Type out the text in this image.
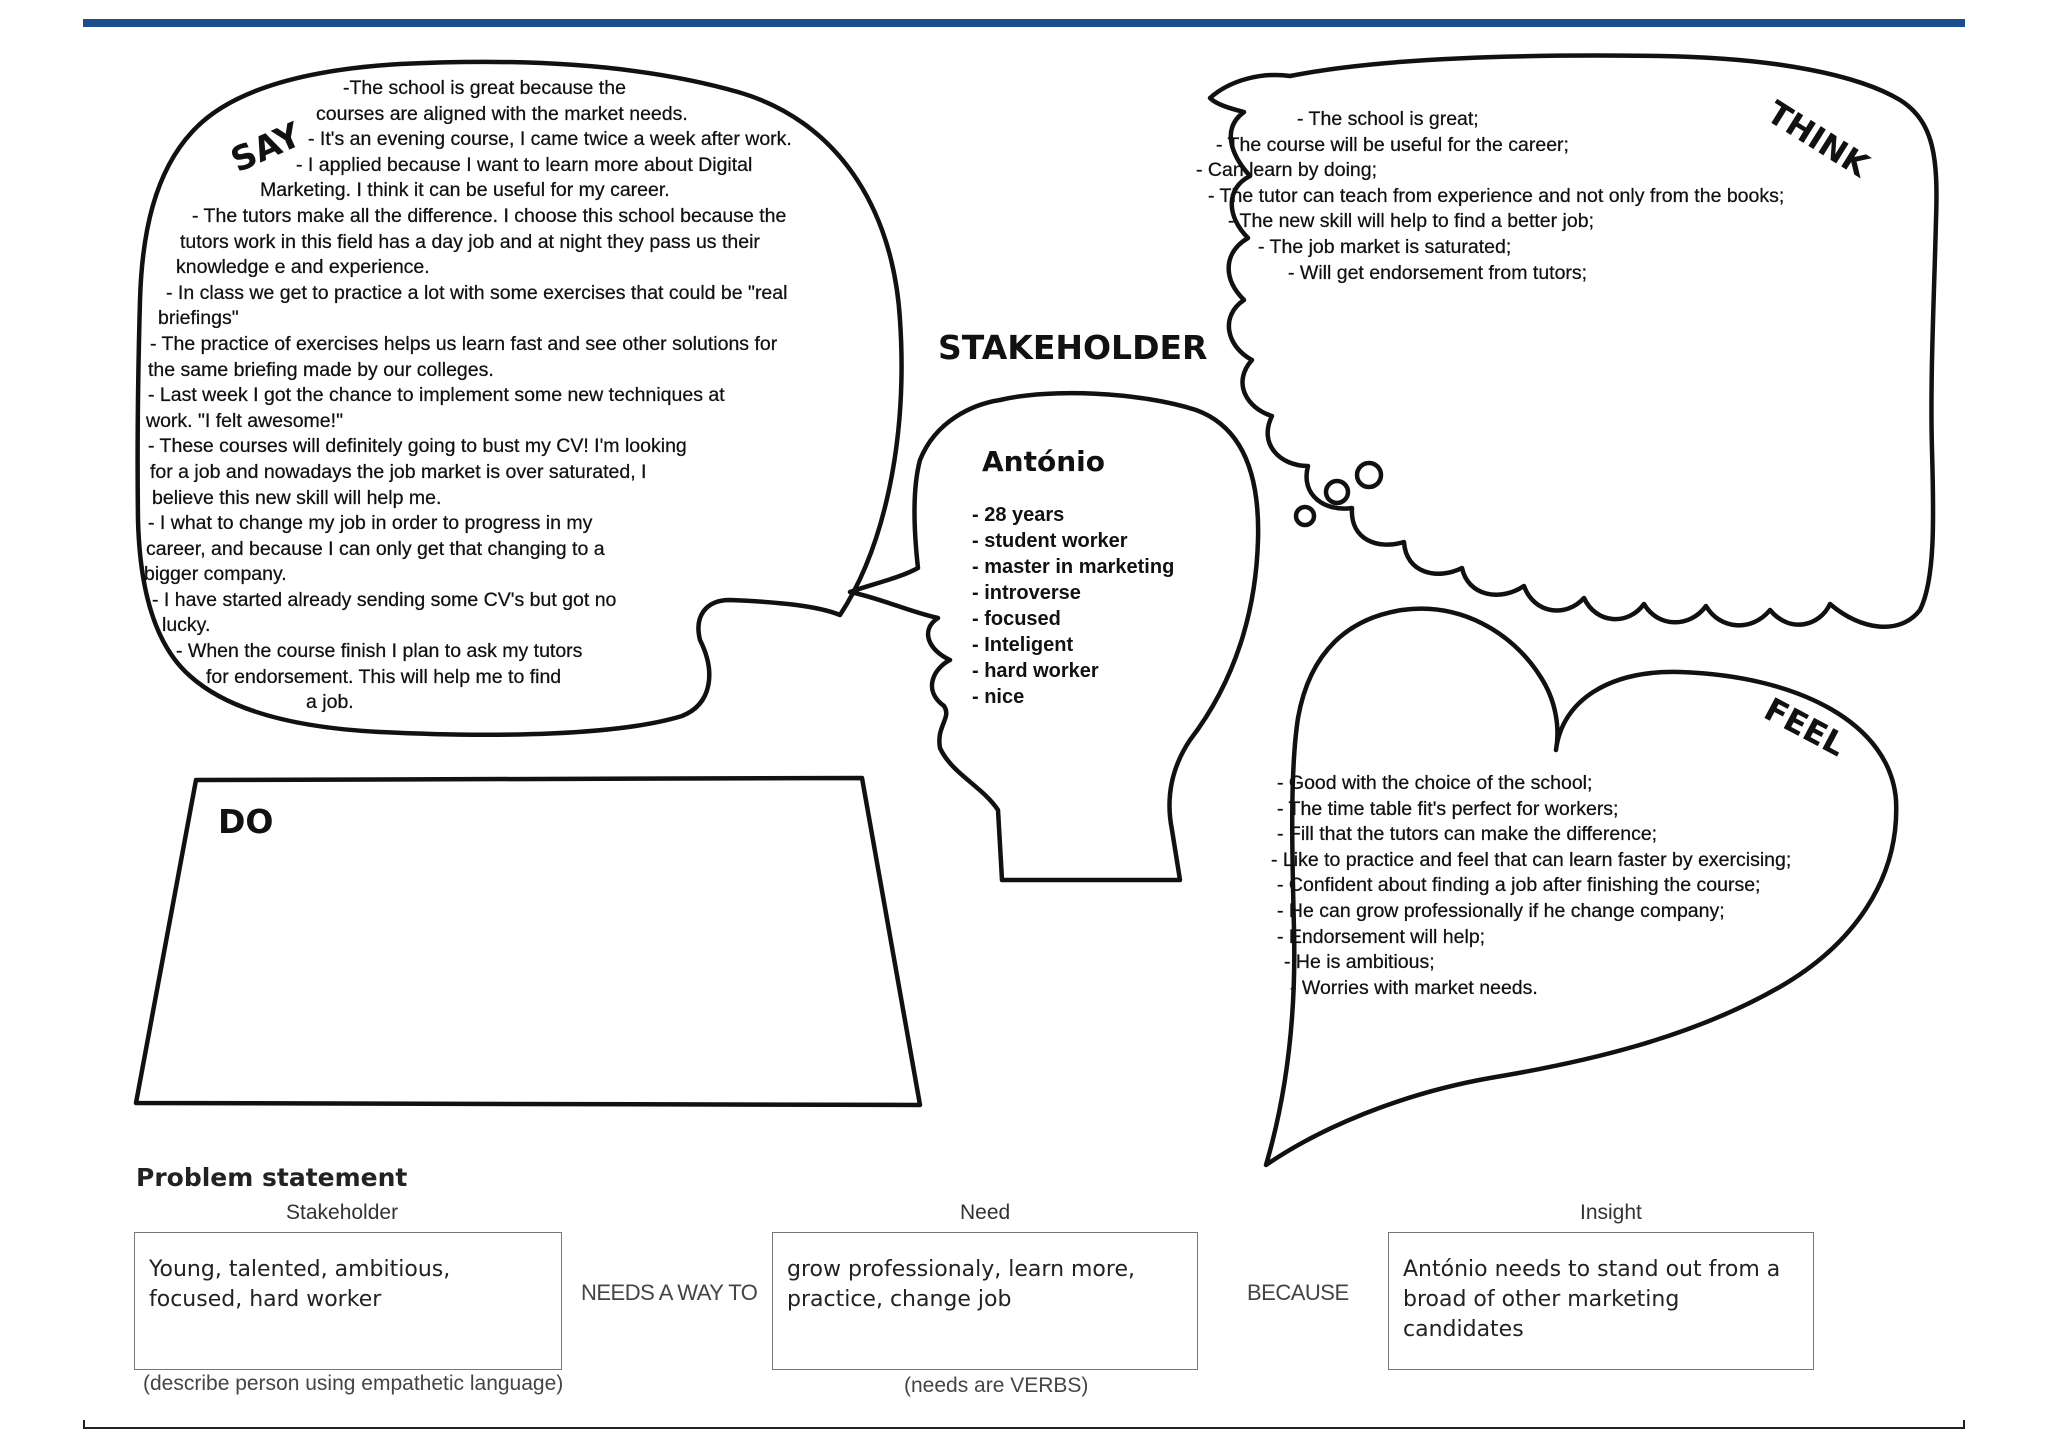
SAY	THINK
FEEL
DO
STAKEHOLDER
António
-The school is great because the
courses are aligned with the market needs.
- It's an evening course, I came twice a week after work.
- I applied because I want to learn more about Digital
Marketing. I think it can be useful for my career.
- The tutors make all the difference. I choose this school because the
tutors work in this field has a day job and at night they pass us their
knowledge e and experience.
- In class we get to practice a lot with some exercises that could be "real
briefings"
- The practice of exercises helps us learn fast and see other solutions for
the same briefing made by our colleges.
- Last week I got the chance to implement some new techniques at
work. "I felt awesome!"
- These courses will definitely going to bust my CV! I'm looking
for a job and nowadays the job market is over saturated, I
believe this new skill will help me.
- I what to change my job in order to progress in my
career, and because I can only get that changing to a
bigger company.
- I have started already sending some CV's but got no
lucky.
- When the course finish I plan to ask my tutors
for endorsement. This will help me to find
a job.
- The school is great;
- The course will be useful for the career;
- Can learn by doing;
- The tutor can teach from experience and not only from the books;
- The new skill will help to find a better job;
- The job market is saturated;
- Will get endorsement from tutors;
- Good with the choice of the school;
- The time table fit's perfect for workers;
- Fill that the tutors can make the difference;
- Like to practice and feel that can learn faster by exercising;
- Confident about finding a job after finishing the course;
- He can grow professionally if he change company;
- Endorsement will help;
- He is ambitious;
- Worries with market needs.
- 28 years
- student worker
- master in marketing
- introverse
- focused
- Inteligent
- hard worker
- nice
Problem statement
Stakeholder	Need	Insight
Young, talented, ambitious, focused, hard worker
grow professionaly, learn more, practice, change job
António needs to stand out from a broad of other marketing candidates
NEEDS A WAY TO	BECAUSE
(describe person using empathetic language)	(needs are VERBS)
